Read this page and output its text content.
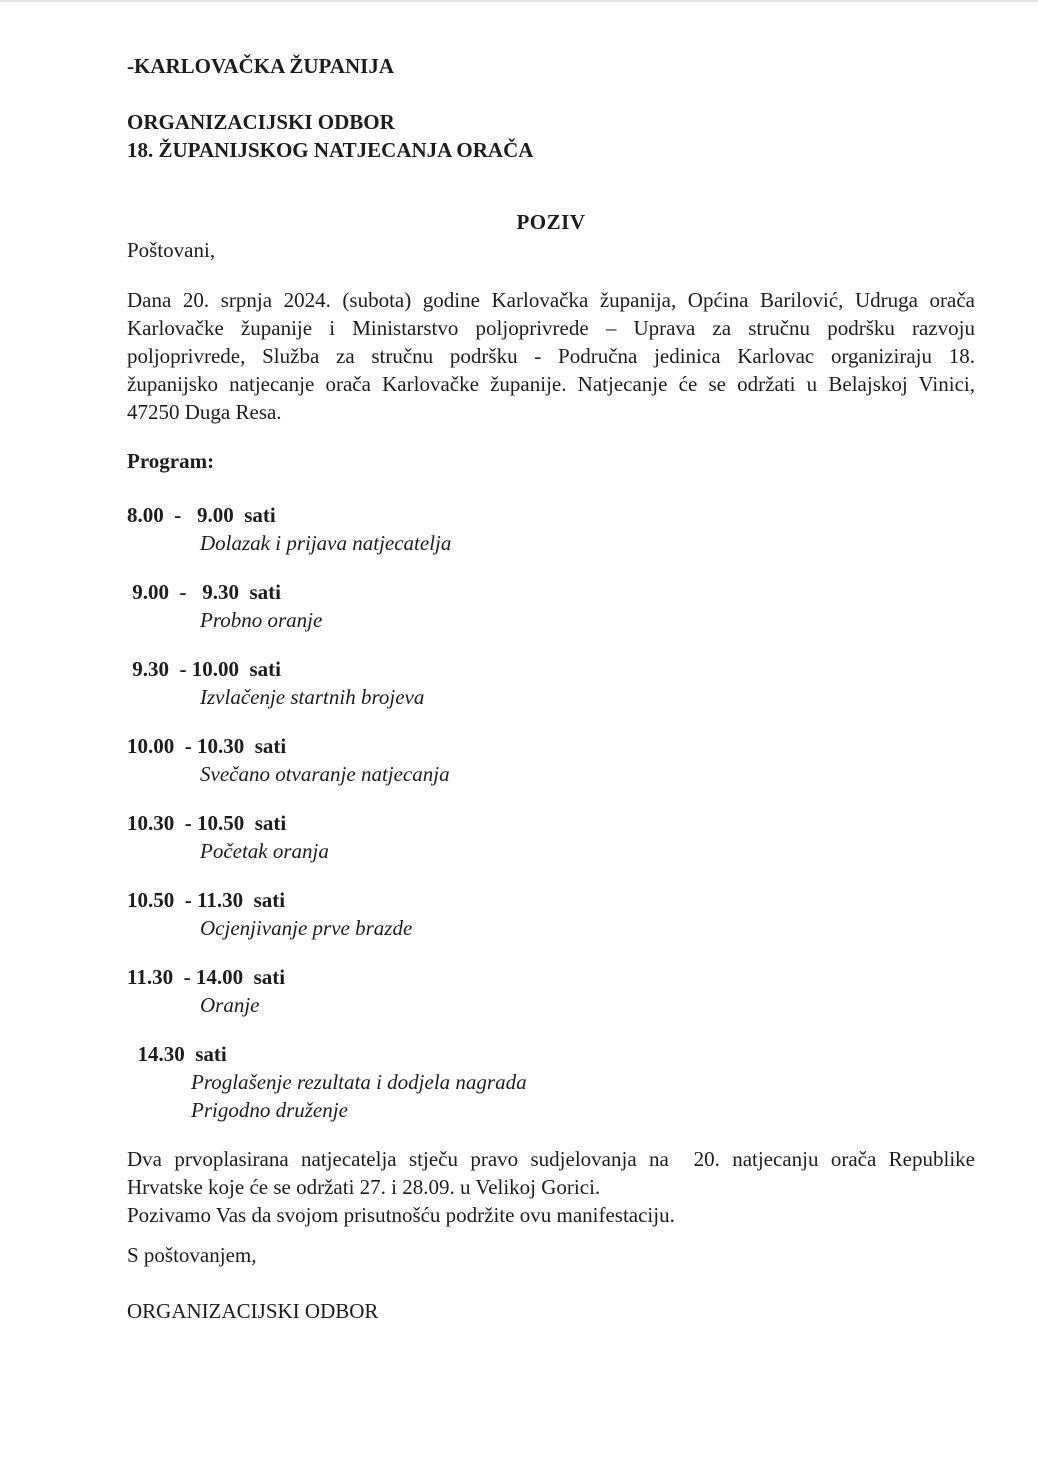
-KARLOVAČKA ŽUPANIJA
ORGANIZACIJSKI ODBOR
18. ŽUPANIJSKOG NATJECANJA ORAČA
POZIV
Poštovani,
Dana 20. srpnja 2024. (subota) godine Karlovačka županija, Općina Barilović, Udruga orača
Karlovačke županije i Ministarstvo poljoprivrede – Uprava za stručnu podršku razvoju
poljoprivrede, Služba za stručnu podršku - Područna jedinica Karlovac organiziraju 18.
županijsko natjecanje orača Karlovačke županije. Natjecanje će se održati u Belajskoj Vinici,
47250 Duga Resa.
Program:
8.00  -   9.00  sati
Dolazak i prijava natjecatelja
9.00  -   9.30  sati
Probno oranje
9.30  - 10.00  sati
Izvlačenje startnih brojeva
10.00  - 10.30  sati
Svečano otvaranje natjecanja
10.30  - 10.50  sati
Početak oranja
10.50  - 11.30  sati
Ocjenjivanje prve brazde
11.30  - 14.00  sati
Oranje
14.30  sati
Proglašenje rezultata i dodjela nagrada
Prigodno druženje
Dva prvoplasirana natjecatelja stječu pravo sudjelovanja na  20. natjecanju orača Republike
Hrvatske koje će se održati 27. i 28.09. u Velikoj Gorici.
Pozivamo Vas da svojom prisutnošću podržite ovu manifestaciju.
S poštovanjem,
ORGANIZACIJSKI ODBOR
